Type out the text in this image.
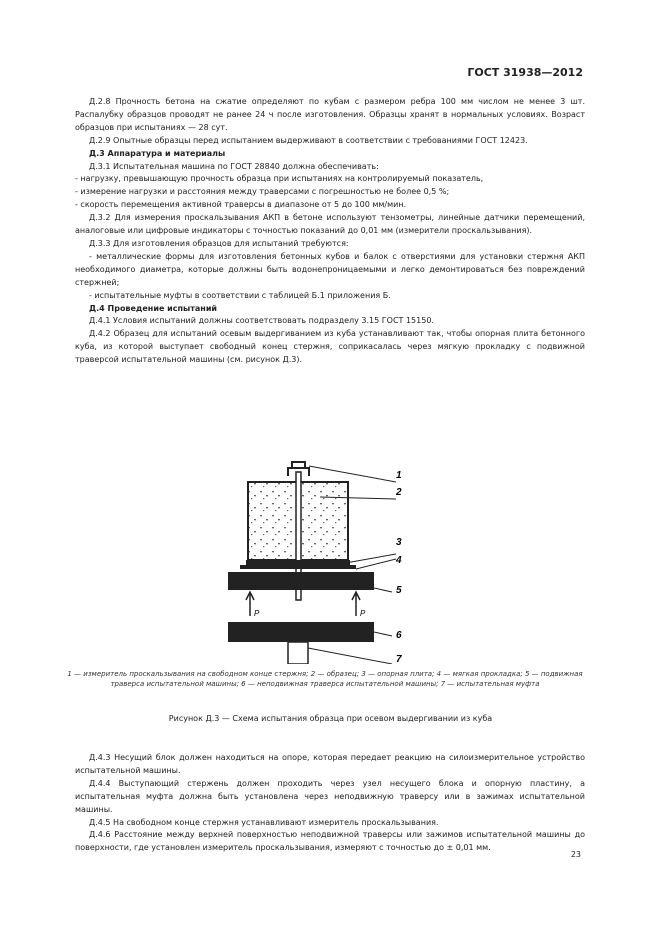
ГОСТ 31938—2012

Д.2.8 Прочность бетона на сжатие определяют по кубам с размером ребра 100 мм числом не менее 3 шт. Распалубку образцов проводят не ранее 24 ч после изготовления. Образцы хранят в нормальных условиях. Возраст образцов при испытаниях — 28 сут.

Д.2.9 Опытные образцы перед испытанием выдерживают в соответствии с требованиями ГОСТ 12423.

Д.3 Аппаратура и материалы

Д.3.1 Испытательная машина по ГОСТ 28840 должна обеспечивать:

- нагрузку, превышающую прочность образца при испытаниях на контролируемый показатель,

- измерение нагрузки и расстояния между траверсами с погрешностью не более 0,5 %;

- скорость перемещения активной траверсы в диапазоне от 5 до 100 мм/мин.

Д.3.2 Для измерения проскальзывания АКП в бетоне используют тензометры, линейные датчики перемещений, аналоговые или цифровые индикаторы с точностью показаний до 0,01 мм (измерители проскальзывания).

Д.3.3 Для изготовления образцов для испытаний требуются:

- металлические формы для изготовления бетонных кубов и балок с отверстиями для установки стержня АКП необходимого диаметра, которые должны быть водонепроницаемыми и легко демонтироваться без повреждений стержней;

- испытательные муфты в соответствии с таблицей Б.1 приложения Б.

Д.4 Проведение испытаний

Д.4.1 Условия испытаний должны соответствовать подразделу 3.15 ГОСТ 15150.

Д.4.2 Образец для испытаний осевым выдергиванием из куба устанавливают так, чтобы опорная плита бетонного куба, из которой выступает свободный конец стержня, соприкасалась через мягкую прокладку с подвижной траверсой испытательной машины (см. рисунок Д.3).

P	P
1
2
3
4
5
6
7
1 — измеритель проскальзывания на свободном конце стержня; 2 — образец; 3 — опорная плита; 4 — мягкая прокладка; 5 — подвижная траверса испытательной машины; 6 — неподвижная траверса испытательной машины; 7 — испытательная муфта
Рисунок Д.3 — Схема испытания образца при осевом выдергивании из куба

Д.4.3 Несущий блок должен находиться на опоре, которая передает реакцию на силоизмерительное устройство испытательной машины.

Д.4.4 Выступающий стержень должен проходить через узел несущего блока и опорную пластину, а испытательная муфта должна быть установлена через неподвижную траверсу или в зажимах испытательной машины.

Д.4.5 На свободном конце стержня устанавливают измеритель проскальзывания.

Д.4.6 Расстояние между верхней поверхностью неподвижной траверсы или зажимов испытательной машины до поверхности, где установлен измеритель проскальзывания, измеряют с точностью до ± 0,01 мм.

23
